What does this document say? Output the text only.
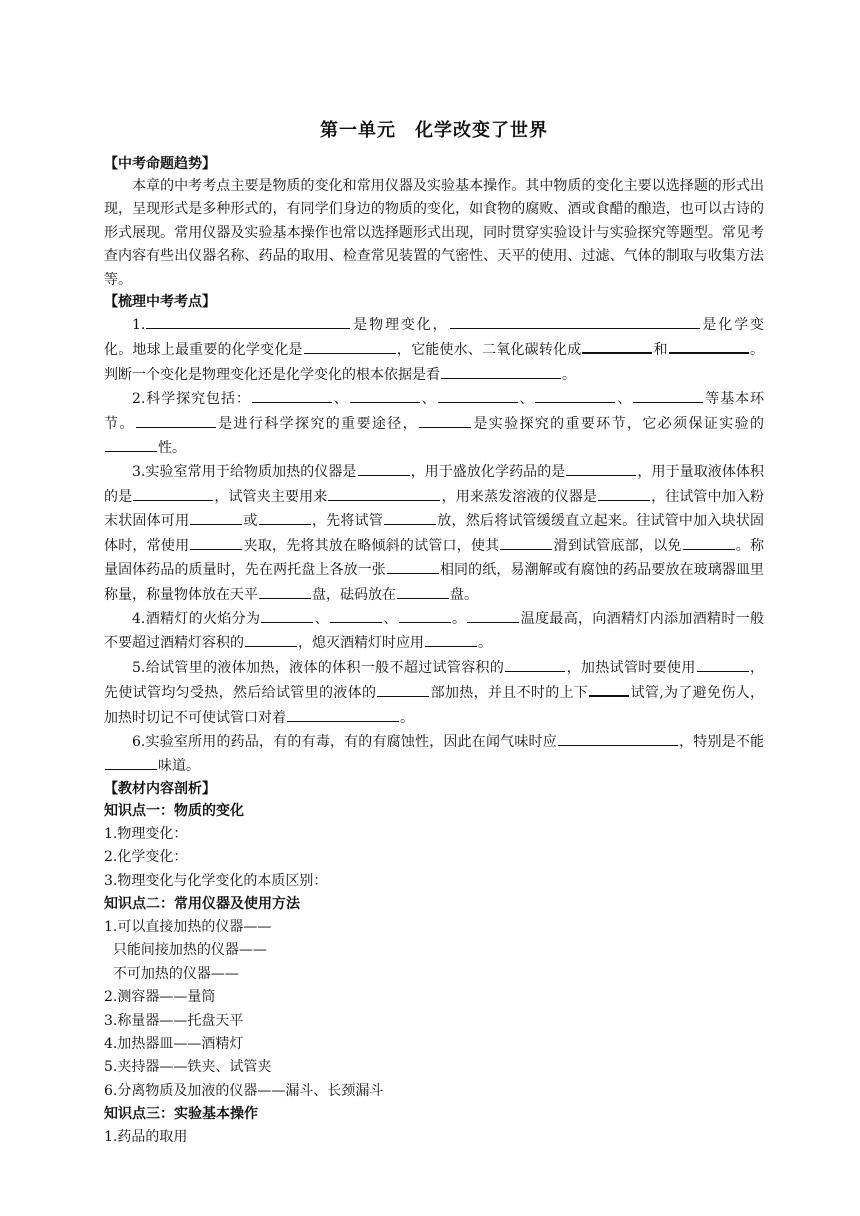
第一单元　化学改变了世界
【中考命题趋势】

本章的中考考点主要是物质的变化和常用仪器及实验基本操作。其中物质的变化主要以选择题的形式出现，呈现形式是多种形式的，有同学们身边的物质的变化，如食物的腐败、酒或食醋的酿造，也可以古诗的形式展现。常用仪器及实验基本操作也常以选择题形式出现，同时贯穿实验设计与实验探究等题型。常见考查内容有些出仪器名称、药品的取用、检查常见装置的气密性、天平的使用、过滤、气体的制取与收集方法等。

【梳理中考考点】

1.	是物理变化，	是化学变化。地球上最重要的化学变化是	，它能使水、二氧化碳转化成	和	。判断一个变化是物理变化还是化学变化的根本依据是看	。

2.科学探究包括：	、	、	、	、	等基本环节。	是进行科学探究的重要途径，	是实验探究的重要环节，它必须保证实验的性。

3.实验室常用于给物质加热的仪器是	，用于盛放化学药品的是	，用于量取液体体积的是	，试管夹主要用来	，用来蒸发溶液的仪器是	，往试管中加入粉末状固体可用	或	，先将试管	放，然后将试管缓缓直立起来。往试管中加入块状固体时，常使用	夹取，先将其放在略倾斜的试管口，使其	滑到试管底部，以免	。称量固体药品的质量时，先在两托盘上各放一张	相同的纸，易潮解或有腐蚀的药品要放在玻璃器皿里称量，称量物体放在天平	盘，砝码放在	盘。

4.酒精灯的火焰分为	、	、	。	温度最高，向酒精灯内添加酒精时一般不要超过酒精灯容积的	，熄灭酒精灯时应用	。

5.给试管里的液体加热，液体的体积一般不超过试管容积的	，加热试管时要使用	，先使试管均匀受热，然后给试管里的液体的	部加热，并且不时的上下	试管,为了避免伤人，加热时切记不可使试管口对着	。

6.实验室所用的药品，有的有毒，有的有腐蚀性，因此在闻气味时应	，特别是不能味道。

【教材内容剖析】
知识点一：物质的变化
1.物理变化：
2.化学变化：
3.物理变化与化学变化的本质区别：
知识点二：常用仪器及使用方法
1.可以直接加热的仪器——
只能间接加热的仪器——
不可加热的仪器——
2.测容器——量筒
3.称量器——托盘天平
4.加热器皿——酒精灯
5.夹持器——铁夹、试管夹
6.分离物质及加液的仪器——漏斗、长颈漏斗
知识点三：实验基本操作
1.药品的取用
